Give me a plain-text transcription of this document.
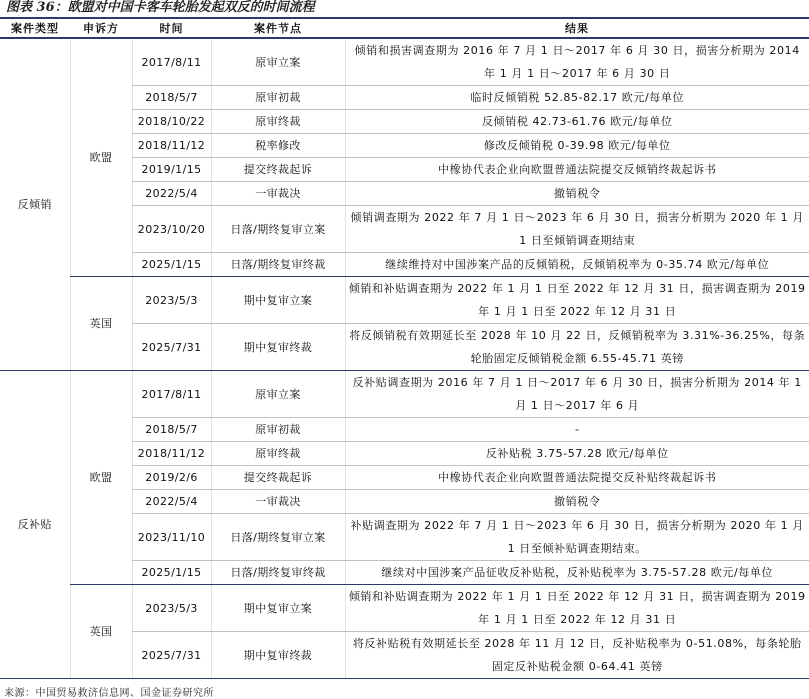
图表 36：欧盟对中国卡客车轮胎发起双反的时间流程
案件类型	申诉方	时间	案件节点	结果
反倾销	欧盟	2017/8/11	原审立案	倾销和损害调查期为 2016 年 7 月 1 日～2017 年 6 月 30 日，损害分析期为 2014 年 1 月 1 日～2017 年 6 月 30 日
		2018/5/7	原审初裁	临时反倾销税 52.85-82.17 欧元/每单位
		2018/10/22	原审终裁	反倾销税 42.73-61.76 欧元/每单位
		2018/11/12	税率修改	修改反倾销税 0-39.98 欧元/每单位
		2019/1/15	提交终裁起诉	中橡协代表企业向欧盟普通法院提交反倾销终裁起诉书
		2022/5/4	一审裁决	撤销税令
		2023/10/20	日落/期终复审立案	倾销调查期为 2022 年 7 月 1 日～2023 年 6 月 30 日，损害分析期为 2020 年 1 月 1 日至倾销调查期结束
		2025/1/15	日落/期终复审终裁	继续维持对中国涉案产品的反倾销税，反倾销税率为 0-35.74 欧元/每单位
	英国	2023/5/3	期中复审立案	倾销和补贴调查期为 2022 年 1 月 1 日至 2022 年 12 月 31 日，损害调查期为 2019 年 1 月 1 日至 2022 年 12 月 31 日
		2025/7/31	期中复审终裁	将反倾销税有效期延长至 2028 年 10 月 22 日，反倾销税率为 3.31%-36.25%，每条轮胎固定反倾销税金额 6.55-45.71 英镑
反补贴	欧盟	2017/8/11	原审立案	反补贴调查期为 2016 年 7 月 1 日～2017 年 6 月 30 日，损害分析期为 2014 年 1 月 1 日～2017 年 6 月
		2018/5/7	原审初裁	-
		2018/11/12	原审终裁	反补贴税 3.75-57.28 欧元/每单位
		2019/2/6	提交终裁起诉	中橡协代表企业向欧盟普通法院提交反补贴终裁起诉书
		2022/5/4	一审裁决	撤销税令
		2023/11/10	日落/期终复审立案	补贴调查期为 2022 年 7 月 1 日～2023 年 6 月 30 日，损害分析期为 2020 年 1 月 1 日至倾补贴调查期结束。
		2025/1/15	日落/期终复审终裁	继续对中国涉案产品征收反补贴税，反补贴税率为 3.75-57.28 欧元/每单位
	英国	2023/5/3	期中复审立案	倾销和补贴调查期为 2022 年 1 月 1 日至 2022 年 12 月 31 日，损害调查期为 2019 年 1 月 1 日至 2022 年 12 月 31 日
		2025/7/31	期中复审终裁	将反补贴税有效期延长至 2028 年 11 月 12 日，反补贴税率为 0-51.08%，每条轮胎固定反补贴税金额 0-64.41 英镑
来源：中国贸易救济信息网、国金证券研究所
